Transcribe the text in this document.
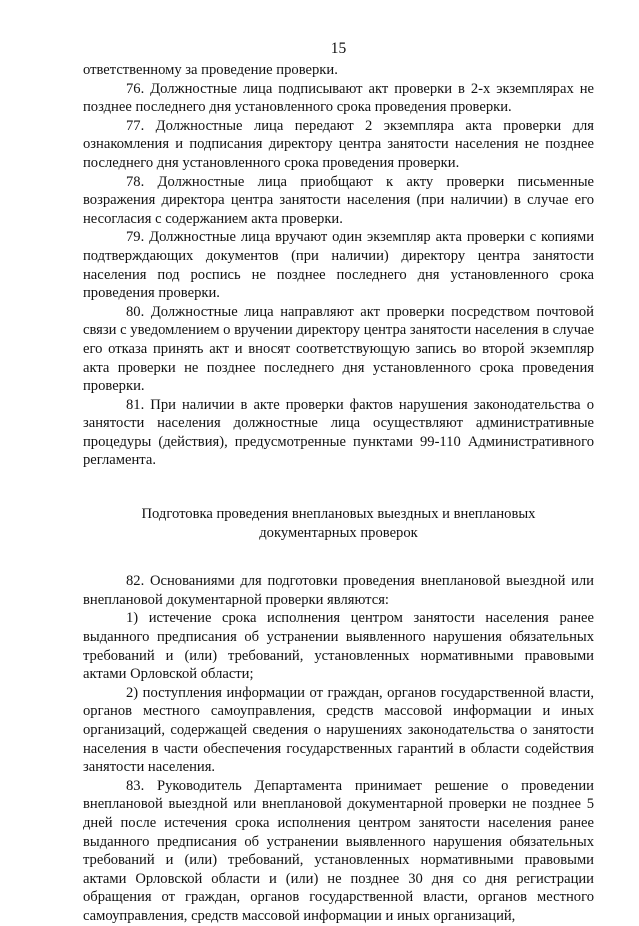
15

ответственному за проведение проверки.

76. Должностные лица подписывают акт проверки в 2-х экземплярах не позднее последнего дня установленного срока проведения проверки.

77. Должностные лица передают 2 экземпляра акта проверки для ознакомления и подписания директору центра занятости населения не позднее последнего дня установленного срока проведения проверки.

78. Должностные лица приобщают к акту проверки письменные возражения директора центра занятости населения (при наличии) в случае его несогласия с содержанием акта проверки.

79. Должностные лица вручают один экземпляр акта проверки с копиями подтверждающих документов (при наличии) директору центра занятости населения под роспись не позднее последнего дня установленного срока проведения проверки.

80. Должностные лица направляют акт проверки посредством почтовой связи с уведомлением о вручении директору центра занятости населения в случае его отказа принять акт и вносят соответствующую запись во второй экземпляр акта проверки не позднее последнего дня установленного срока проведения проверки.

81. При наличии в акте проверки фактов нарушения законодательства о занятости населения должностные лица осуществляют административные процедуры (действия), предусмотренные пунктами 99-110 Административного регламента.

Подготовка проведения внеплановых выездных и внеплановых
документарных проверок

82. Основаниями для подготовки проведения внеплановой выездной или внеплановой документарной проверки являются:

1) истечение срока исполнения центром занятости населения ранее выданного предписания об устранении выявленного нарушения обязательных требований и (или) требований, установленных нормативными правовыми актами Орловской области;

2) поступления информации от граждан, органов государственной власти, органов местного самоуправления, средств массовой информации и иных организаций, содержащей сведения о нарушениях законодательства о занятости населения в части обеспечения государственных гарантий в области содействия занятости населения.

83. Руководитель Департамента принимает решение о проведении внеплановой выездной или внеплановой документарной проверки не позднее 5 дней после истечения срока исполнения центром занятости населения ранее выданного предписания об устранении выявленного нарушения обязательных требований и (или) требований, установленных нормативными правовыми актами Орловской области и (или) не позднее 30 дня со дня регистрации обращения от граждан, органов государственной власти, органов местного самоуправления, средств массовой информации и иных организаций,
